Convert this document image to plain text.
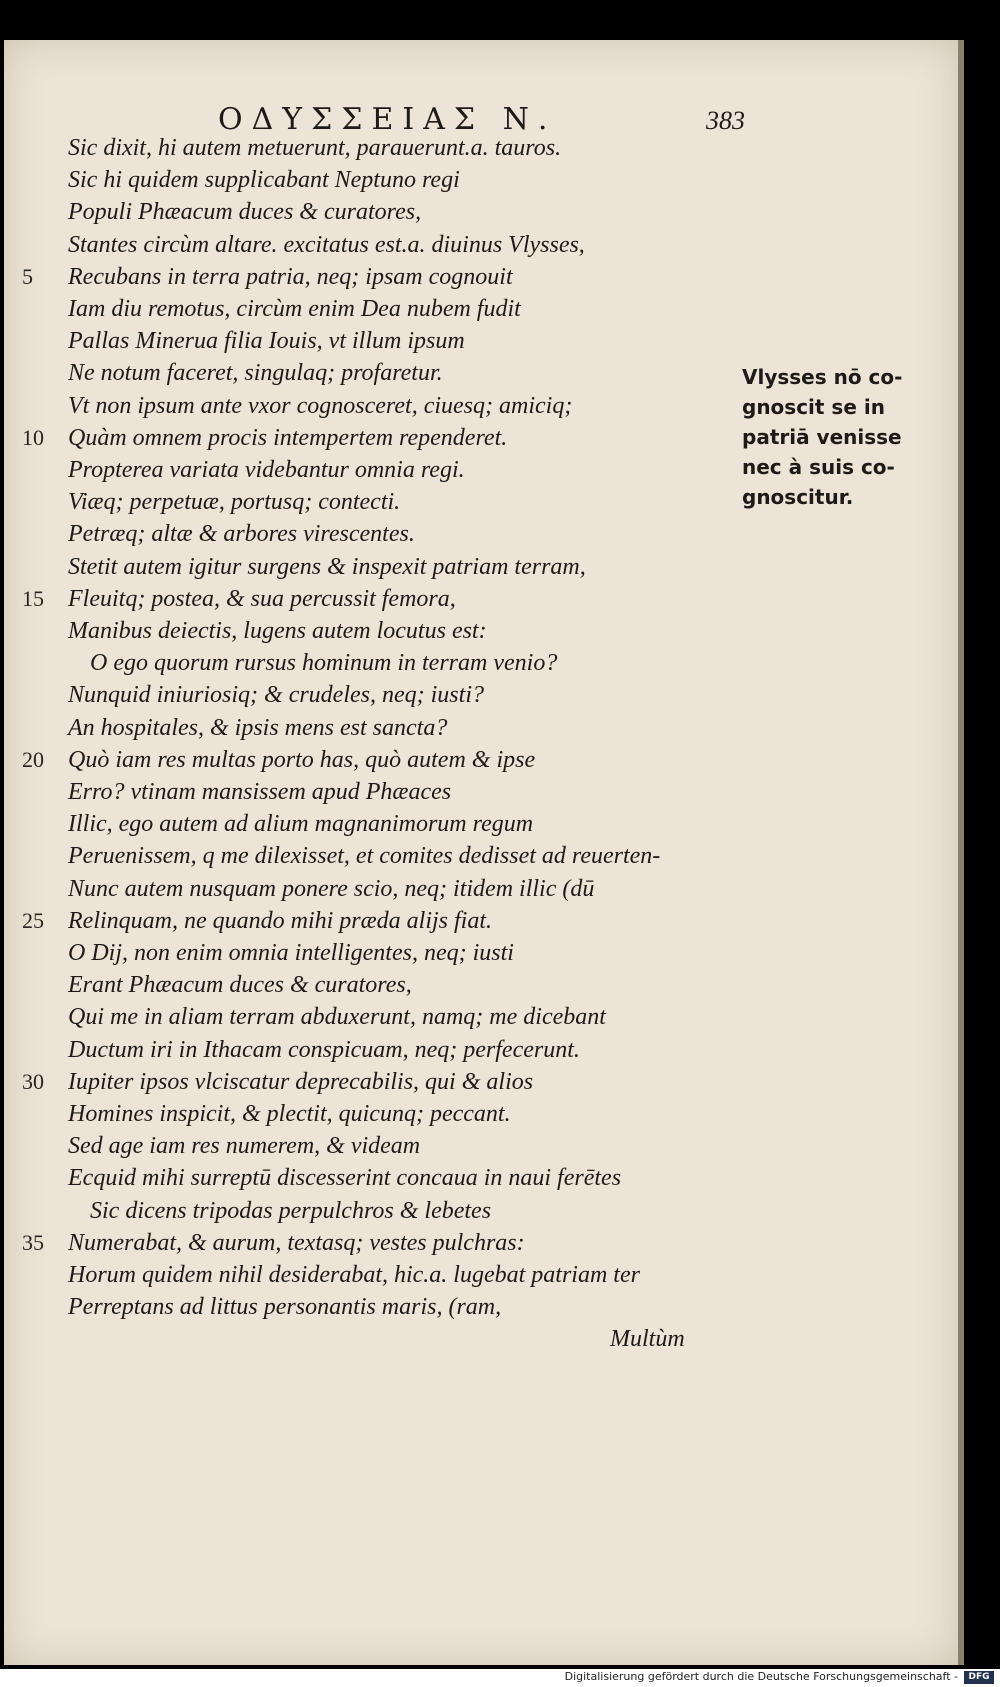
ΟΔΥΣΣΕΙΑΣ Ν.	383
Sic dixit, hi autem metuerunt, parauerunt.a. tauros.
Sic hi quidem supplicabant Neptuno regi
Populi Phæacum duces & curatores,
Stantes circùm altare. excitatus est.a. diuinus Vlysses,
5 Recubans in terra patria, neq; ipsam cognouit
Iam diu remotus, circùm enim Dea nubem fudit
Pallas Minerua filia Iouis, vt illum ipsum
Ne notum faceret, singulaq; profaretur.
Vt non ipsum ante vxor cognosceret, ciuesq; amiciq;
10 Quàm omnem procis intempertem rependeret.
Propterea variata videbantur omnia regi.
Viæq; perpetuæ, portusq; contecti.
Petræq; altæ & arbores virescentes.
Stetit autem igitur surgens & inspexit patriam terram,
15 Fleuitq; postea, & sua percussit femora,
Manibus deiectis, lugens autem locutus est:
O ego quorum rursus hominum in terram venio?
Nunquid iniuriosiq; & crudeles, neq; iusti?
An hospitales, & ipsis mens est sancta?
20 Quò iam res multas porto has, quò autem & ipse
Erro? vtinam mansissem apud Phæaces
Illic, ego autem ad alium magnanimorum regum
Peruenissem, q me dilexisset, et comites dedisset ad reuerten-
Nunc autem nusquam ponere scio, neq; itidem illic (dū
25 Relinquam, ne quando mihi præda alijs fiat.
O Dij, non enim omnia intelligentes, neq; iusti
Erant Phæacum duces & curatores,
Qui me in aliam terram abduxerunt, namq; me dicebant
Ductum iri in Ithacam conspicuam, neq; perfecerunt.
30 Iupiter ipsos vlciscatur deprecabilis, qui & alios
Homines inspicit, & plectit, quicunq; peccant.
Sed age iam res numerem, & videam
Ecquid mihi surreptū discesserint concaua in naui ferētes
Sic dicens tripodas perpulchros & lebetes
35 Numerabat, & aurum, textasq; vestes pulchras:
Horum quidem nihil desiderabat, hic.a. lugebat patriam ter
Perreptans ad littus personantis maris, (ram,
Multùm
Vlysses nō co-
gnoscit se in
patriā venisse
nec à suis co-
gnoscitur.
Digitalisierung gefördert durch die Deutsche Forschungsgemeinschaft -	DFG
